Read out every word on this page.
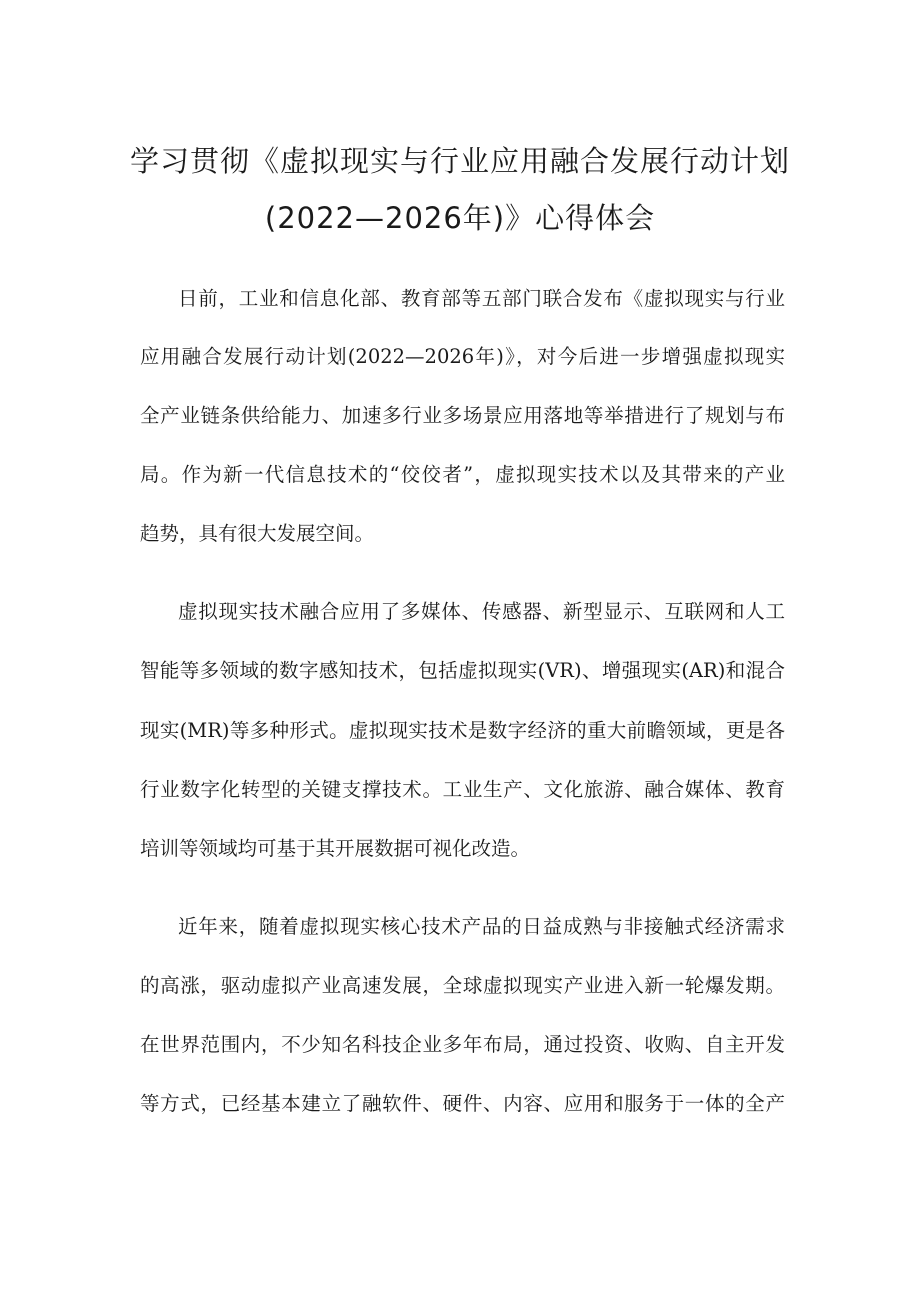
学习贯彻《虚拟现实与行业应用融合发展行动计划
(2022—2026年)》心得体会
日前，工业和信息化部、教育部等五部门联合发布《虚拟现实与行业
应用融合发展行动计划(2022—2026年)》，对今后进一步增强虚拟现实
全产业链条供给能力、加速多行业多场景应用落地等举措进行了规划与布
局。作为新一代信息技术的“佼佼者”，虚拟现实技术以及其带来的产业
趋势，具有很大发展空间。
虚拟现实技术融合应用了多媒体、传感器、新型显示、互联网和人工
智能等多领域的数字感知技术，包括虚拟现实(VR)、增强现实(AR)和混合
现实(MR)等多种形式。虚拟现实技术是数字经济的重大前瞻领域，更是各
行业数字化转型的关键支撑技术。工业生产、文化旅游、融合媒体、教育
培训等领域均可基于其开展数据可视化改造。
近年来，随着虚拟现实核心技术产品的日益成熟与非接触式经济需求
的高涨，驱动虚拟产业高速发展，全球虚拟现实产业进入新一轮爆发期。
在世界范围内，不少知名科技企业多年布局，通过投资、收购、自主开发
等方式，已经基本建立了融软件、硬件、内容、应用和服务于一体的全产
